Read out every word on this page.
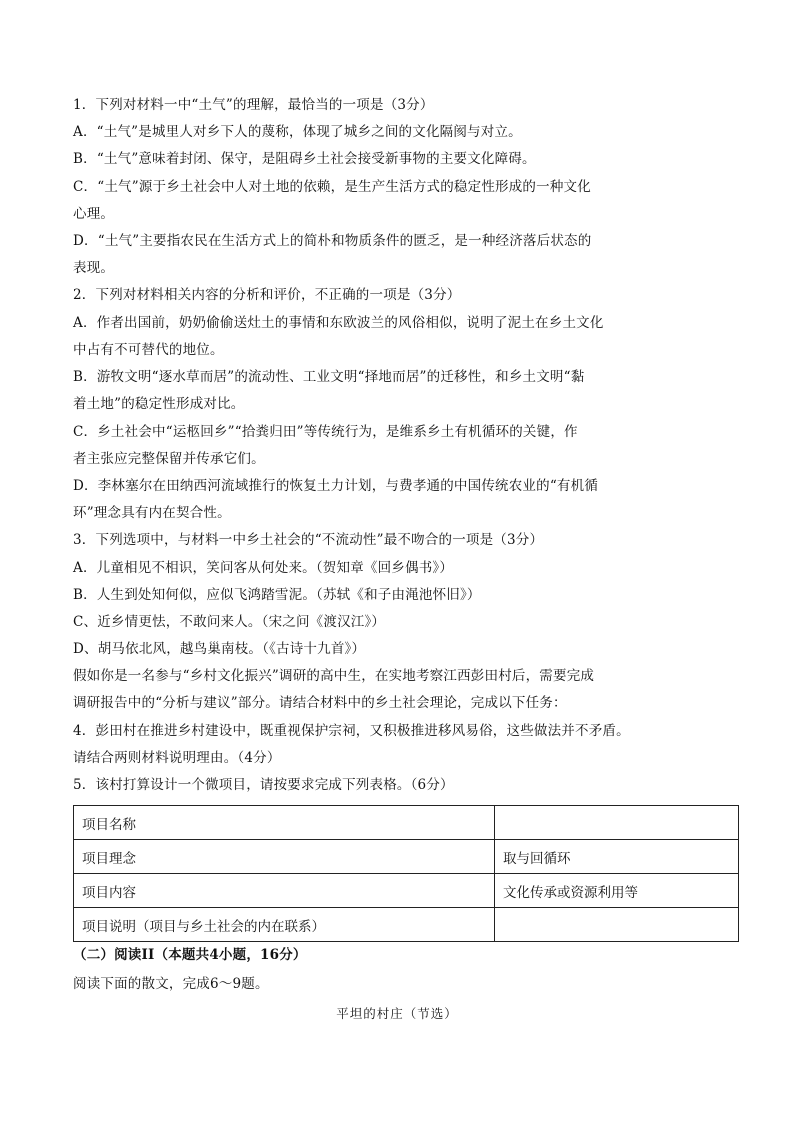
1．下列对材料一中“土气”的理解，最恰当的一项是（3分）
A．“土气”是城里人对乡下人的蔑称，体现了城乡之间的文化隔阂与对立。
B．“土气”意味着封闭、保守，是阻碍乡土社会接受新事物的主要文化障碍。
C．“土气”源于乡土社会中人对土地的依赖，是生产生活方式的稳定性形成的一种文化
心理。
D．“土气”主要指农民在生活方式上的简朴和物质条件的匮乏，是一种经济落后状态的
表现。
2．下列对材料相关内容的分析和评价，不正确的一项是（3分）
A．作者出国前，奶奶偷偷送灶土的事情和东欧波兰的风俗相似，说明了泥土在乡土文化
中占有不可替代的地位。
B．游牧文明“逐水草而居”的流动性、工业文明“择地而居”的迁移性，和乡土文明“黏
着土地”的稳定性形成对比。
C．乡土社会中“运柩回乡”“拾粪归田”等传统行为，是维系乡土有机循环的关键，作
者主张应完整保留并传承它们。
D．李林塞尔在田纳西河流域推行的恢复土力计划，与费孝通的中国传统农业的“有机循
环”理念具有内在契合性。
3．下列选项中，与材料一中乡土社会的“不流动性”最不吻合的一项是（3分）
A．儿童相见不相识，笑问客从何处来。（贺知章《回乡偶书》）
B．人生到处知何似，应似飞鸿踏雪泥。（苏轼《和子由渑池怀旧》）
C、近乡情更怯，不敢问来人。（宋之问《渡汉江》）
D、胡马依北风，越鸟巢南枝。（《古诗十九首》）
假如你是一名参与“乡村文化振兴”调研的高中生，在实地考察江西彭田村后，需要完成
调研报告中的“分析与建议”部分。请结合材料中的乡土社会理论，完成以下任务：
4．彭田村在推进乡村建设中，既重视保护宗祠，又积极推进移风易俗，这些做法并不矛盾。
请结合两则材料说明理由。（4分）
5．该村打算设计一个微项目，请按要求完成下列表格。（6分）
项目名称	
项目理念	取与回循环
项目内容	文化传承或资源利用等
项目说明（项目与乡土社会的内在联系）	
（二）阅读II（本题共4小题，16分）
阅读下面的散文，完成6～9题。
平坦的村庄（节选）
